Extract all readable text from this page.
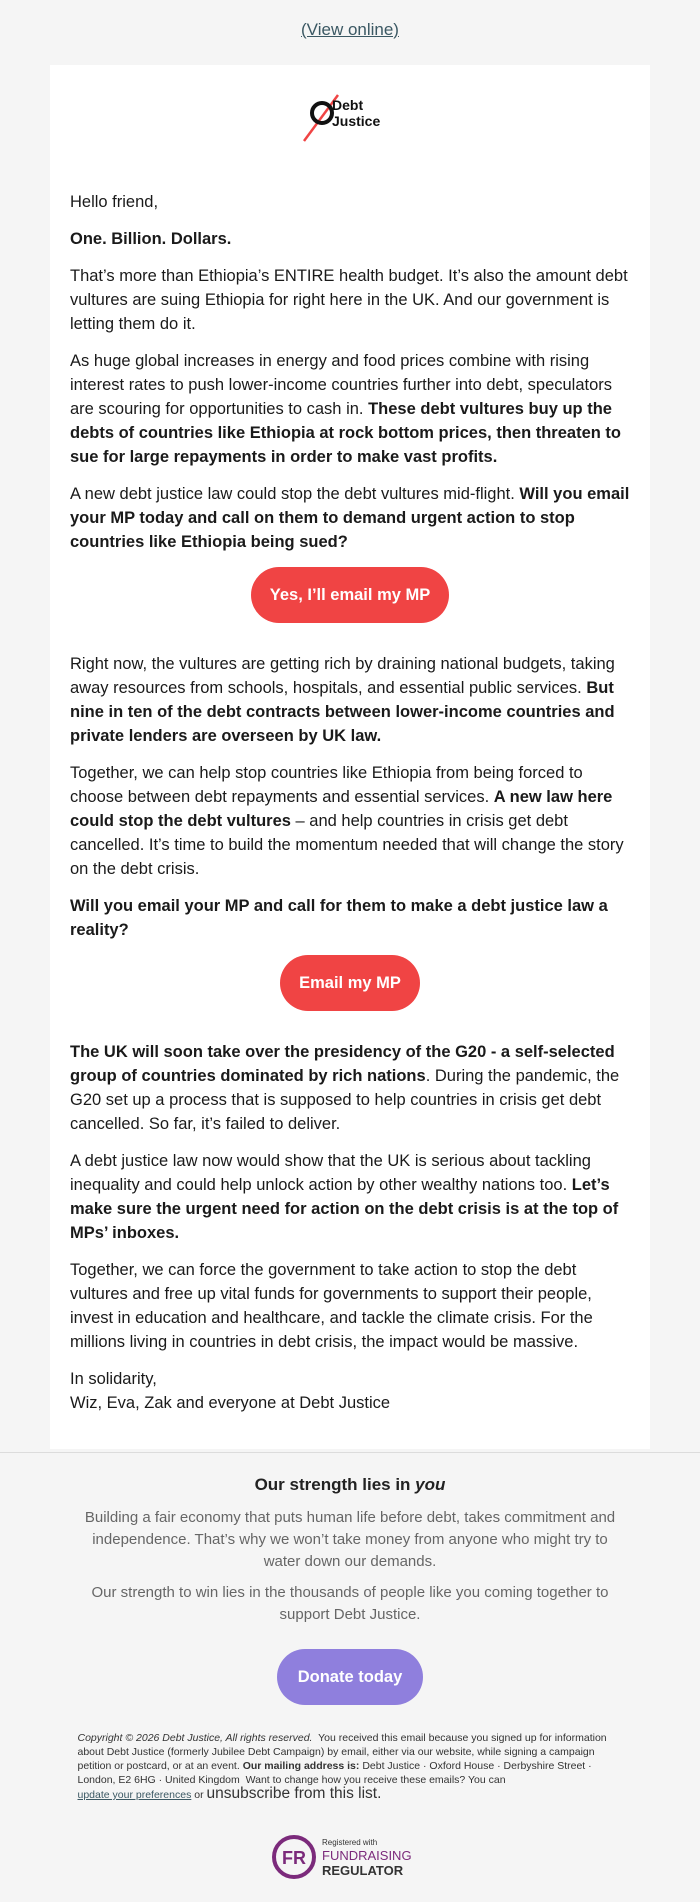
(View online)
Debt
Justice

Hello friend,

One. Billion. Dollars.

That’s more than Ethiopia’s ENTIRE health budget. It’s also the amount debt vultures are suing Ethiopia for right here in the UK. And our government is letting them do it.

As huge global increases in energy and food prices combine with rising interest rates to push lower-income countries further into debt, speculators are scouring for opportunities to cash in. These debt vultures buy up the debts of countries like Ethiopia at rock bottom prices, then threaten to sue for large repayments in order to make vast profits.

A new debt justice law could stop the debt vultures mid-flight. Will you email your MP today and call on them to demand urgent action to stop countries like Ethiopia being sued?

Yes, I’ll email my MP

Right now, the vultures are getting rich by draining national budgets, taking away resources from schools, hospitals, and essential public services. But nine in ten of the debt contracts between lower-income countries and private lenders are overseen by UK law.

Together, we can help stop countries like Ethiopia from being forced to choose between debt repayments and essential services. A new law here could stop the debt vultures – and help countries in crisis get debt cancelled. It’s time to build the momentum needed that will change the story on the debt crisis.

Will you email your MP and call for them to make a debt justice law a reality?

Email my MP

The UK will soon take over the presidency of the G20 - a self-selected group of countries dominated by rich nations. During the pandemic, the G20 set up a process that is supposed to help countries in crisis get debt cancelled. So far, it’s failed to deliver.

A debt justice law now would show that the UK is serious about tackling inequality and could help unlock action by other wealthy nations too. Let’s make sure the urgent need for action on the debt crisis is at the top of MPs’ inboxes.

Together, we can force the government to take action to stop the debt vultures and free up vital funds for governments to support their people, invest in education and healthcare, and tackle the climate crisis. For the millions living in countries in debt crisis, the impact would be massive.

In solidarity,
Wiz, Eva, Zak and everyone at Debt Justice

Our strength lies in you
Building a fair economy that puts human life before debt, takes commitment and independence. That’s why we won’t take money from anyone who might try to water down our demands.
Our strength to win lies in the thousands of people like you coming together to support Debt Justice.
Donate today
Copyright © 2026 Debt Justice, All rights reserved. You received this email because you signed up for information about Debt Justice (formerly Jubilee Debt Campaign) by email, either via our website, while signing a campaign petition or postcard, or at an event. Our mailing address is: Debt Justice · Oxford House · Derbyshire Street · London, E2 6HG · United Kingdom Want to change how you receive these emails? You can
update your preferences or unsubscribe from this list.
FR
Registered with
FUNDRAISING
REGULATOR
